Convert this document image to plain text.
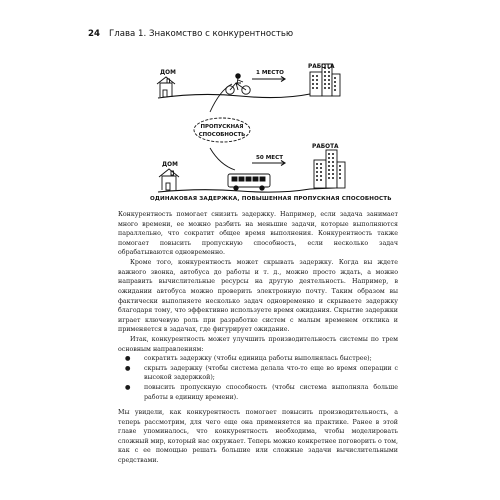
24 Глава 1. Знакомство с конкурентностью
ДОМ
РАБОТА
1 МЕСТО
ПРОПУСКНАЯ
СПОСОБНОСТЬ
ДОМ
РАБОТА
50 МЕСТ
ОДИНАКОВАЯ ЗАДЕРЖКА, ПОВЫШЕННАЯ ПРОПУСКНАЯ СПОСОБНОСТЬ

Конкурентность помогает снизить задержку. Например, если задача занимает много времени, ее можно разбить на меньшие задачи, которые выполняются параллельно, что сократит общее время выполнения. Конкурентность также помогает повысить пропускную способность, если несколько задач обрабатываются одновременно.

Кроме того, конкурентность может скрывать задержку. Когда вы ждете важного звонка, автобуса до работы и т. д., можно просто ждать, а можно направить вычислительные ресурсы на другую деятельность. Например, в ожидании автобуса можно проверить электронную почту. Таким образом вы фактически выполняете несколько задач одновременно и скрываете задержку благодаря тому, что эффективно используете время ожидания. Скрытие задержки играет ключевую роль при разработке систем с малым временем отклика и применяется в задачах, где фигурирует ожидание.

Итак, конкурентность может улучшить производительность системы по трем основным направлениям:

● сократить задержку (чтобы единица работы выполнялась быстрее);
● скрыть задержку (чтобы система делала что-то еще во время операции с высокой задержкой);
● повысить пропускную способность (чтобы система выполняла больше работы в единицу времени).

Мы увидели, как конкурентность помогает повысить производительность, а теперь рассмотрим, для чего еще она применяется на практике. Ранее в этой главе упоминалось, что конкурентность необходима, чтобы моделировать сложный мир, который нас окружает. Теперь можно конкретнее поговорить о том, как с ее помощью решать большие или сложные задачи вычислительными средствами.
